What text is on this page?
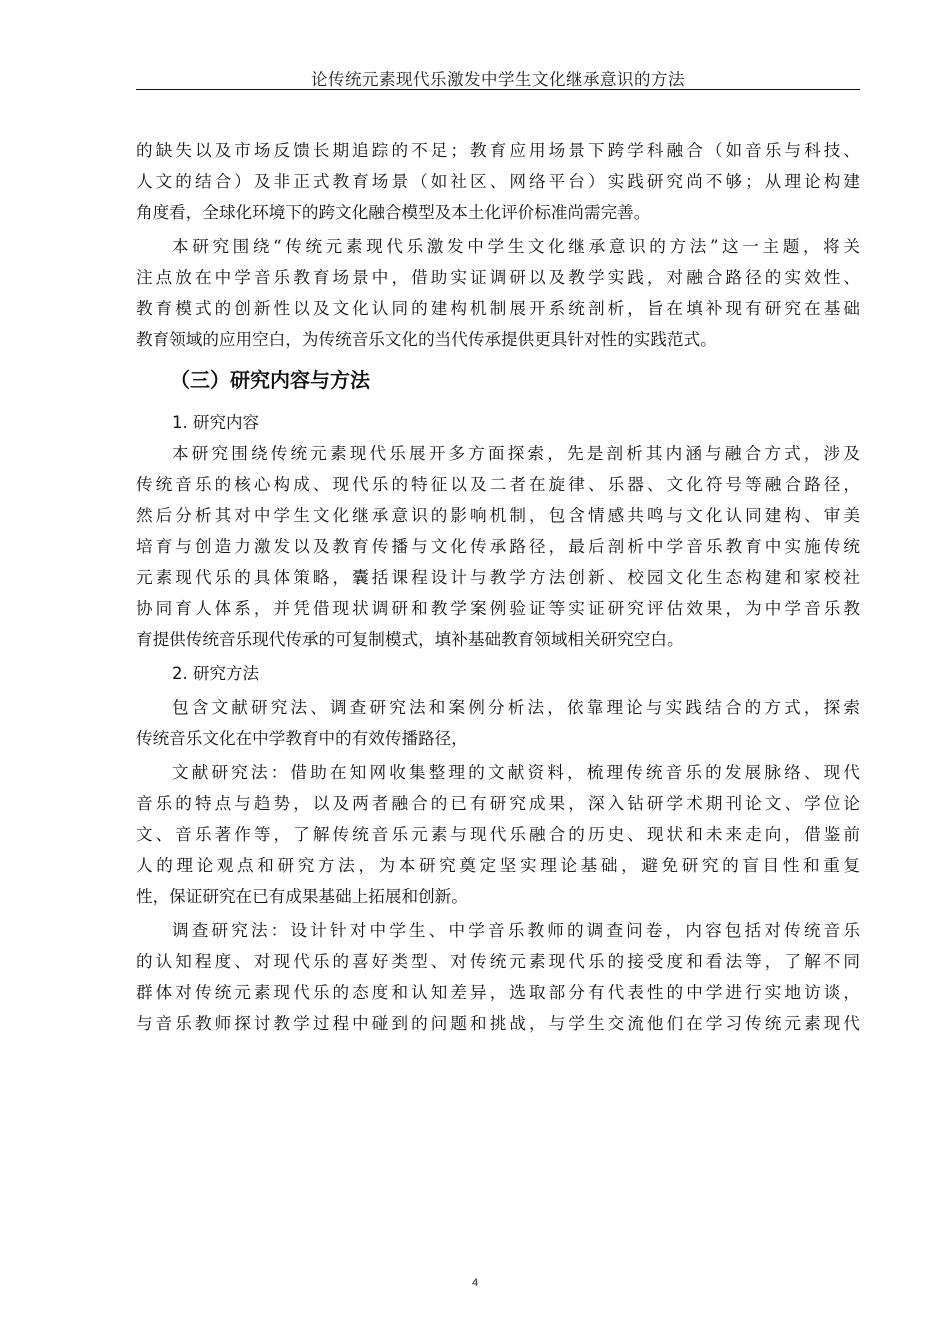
论传统元素现代乐激发中学生文化继承意识的方法
的缺失以及市场反馈长期追踪的不足；教育应用场景下跨学科融合（如音乐与科技、
人文的结合）及非正式教育场景（如社区、网络平台）实践研究尚不够；从理论构建
角度看，全球化环境下的跨文化融合模型及本土化评价标准尚需完善。
本研究围绕“传统元素现代乐激发中学生文化继承意识的方法”这一主题，将关
注点放在中学音乐教育场景中，借助实证调研以及教学实践，对融合路径的实效性、
教育模式的创新性以及文化认同的建构机制展开系统剖析，旨在填补现有研究在基础
教育领域的应用空白，为传统音乐文化的当代传承提供更具针对性的实践范式。
（三）研究内容与方法
1. 研究内容
本研究围绕传统元素现代乐展开多方面探索，先是剖析其内涵与融合方式，涉及
传统音乐的核心构成、现代乐的特征以及二者在旋律、乐器、文化符号等融合路径，
然后分析其对中学生文化继承意识的影响机制，包含情感共鸣与文化认同建构、审美
培育与创造力激发以及教育传播与文化传承路径，最后剖析中学音乐教育中实施传统
元素现代乐的具体策略，囊括课程设计与教学方法创新、校园文化生态构建和家校社
协同育人体系，并凭借现状调研和教学案例验证等实证研究评估效果，为中学音乐教
育提供传统音乐现代传承的可复制模式，填补基础教育领域相关研究空白。
2. 研究方法
包含文献研究法、调查研究法和案例分析法，依靠理论与实践结合的方式，探索
传统音乐文化在中学教育中的有效传播路径，
文献研究法：借助在知网收集整理的文献资料，梳理传统音乐的发展脉络、现代
音乐的特点与趋势，以及两者融合的已有研究成果，深入钻研学术期刊论文、学位论
文、音乐著作等，了解传统音乐元素与现代乐融合的历史、现状和未来走向，借鉴前
人的理论观点和研究方法，为本研究奠定坚实理论基础，避免研究的盲目性和重复
性，保证研究在已有成果基础上拓展和创新。
调查研究法：设计针对中学生、中学音乐教师的调查问卷，内容包括对传统音乐
的认知程度、对现代乐的喜好类型、对传统元素现代乐的接受度和看法等，了解不同
群体对传统元素现代乐的态度和认知差异，选取部分有代表性的中学进行实地访谈，
与音乐教师探讨教学过程中碰到的问题和挑战，与学生交流他们在学习传统元素现代
4
